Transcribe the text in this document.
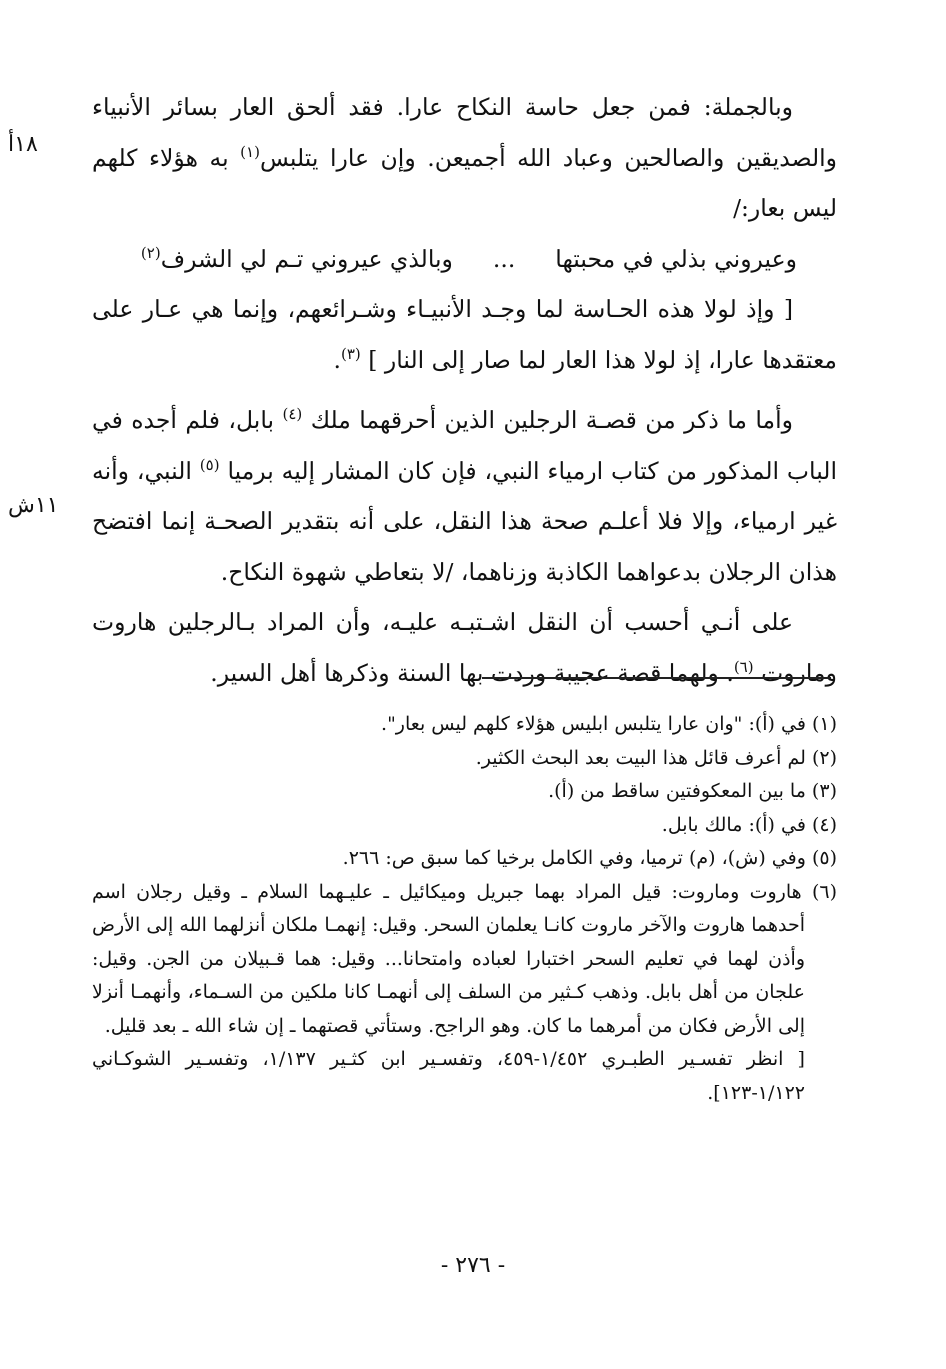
١٨أ
١١ش

وبالجملة: فمن جعل حاسة النكاح عارا. فقد ألحق العار بسائر الأنبياء والصديقين والصالحين وعباد الله أجميعن. وإن عارا يتلبس$^{(١)}$ به هؤلاء كلهم ليس بعار:/

وعيروني بذلي في محبتها
...
وبالذي عيروني تـم لي الشرف$^{(٢)}$

[ وإذ لولا هذه الحـاسة لما وجـد الأنبيـاء وشـرائعهم، وإنما هي عـار على معتقدها عارا، إذ لولا هذا العار لما صار إلى النار ] $^{(٣)}$.

وأما ما ذكر من قصـة الرجلين الذين أحرقهما ملك $^{(٤)}$ بابل، فلم أجده في الباب المذكور من كتاب ارمياء النبي، فإن كان المشار إليه برميا $^{(٥)}$ النبي، وأنه غير ارمياء، وإلا فلا أعلـم صحة هذا النقل، على أنه بتقدير الصحـة إنما افتضح هذان الرجلان بدعواهما الكاذبة وزناهما، /لا بتعاطي شهوة النكاح.

على أنـي أحسب أن النقل اشـتبـه عليـه، وأن المراد بـالرجلين هاروت وماروت $^{(٦)}$. ولهما قصة عجيبة وردت بها السنة وذكرها أهل السير.

(١) في (أ): "وان عارا يتلبس ابليس هؤلاء كلهم ليس بعار".

(٢) لم أعرف قائل هذا البيت بعد البحث الكثير.

(٣) ما بين المعكوفتين ساقط من (أ).

(٤) في (أ): مالك بابل.

(٥) وفي (ش)، (م) ترميا، وفي الكامل برخيا كما سبق ص: ٢٦٦.

(٦) هاروت وماروت: قيل المراد بهما جبريل وميكائيل ـ عليـهما السلام ـ وقيل رجلان اسم أحدهما هاروت والآخر ماروت كانـا يعلمان السحر. وقيل: إنهمـا ملكان أنزلهما الله إلى الأرض وأذن لهما في تعليم السحر اختبارا لعباده وامتحانا... وقيل: هما قـبيلان من الجن. وقيل: علجان من أهل بابل. وذهب كـثير من السلف إلى أنهمـا كانا ملكين من السـماء، وأنهمـا أنزلا إلى الأرض فكان من أمرهما ما كان. وهو الراجح. وستأتي قصتهما ـ إن شاء الله ـ بعد قليل.

[ انظر تفسـير الطبـري ١/٤٥٢-٤٥٩، وتفسـير ابن كثـير ١/١٣٧، وتفسـير الشوكـاني ١/١٢٢-١٢٣].

- ٢٧٦ -
